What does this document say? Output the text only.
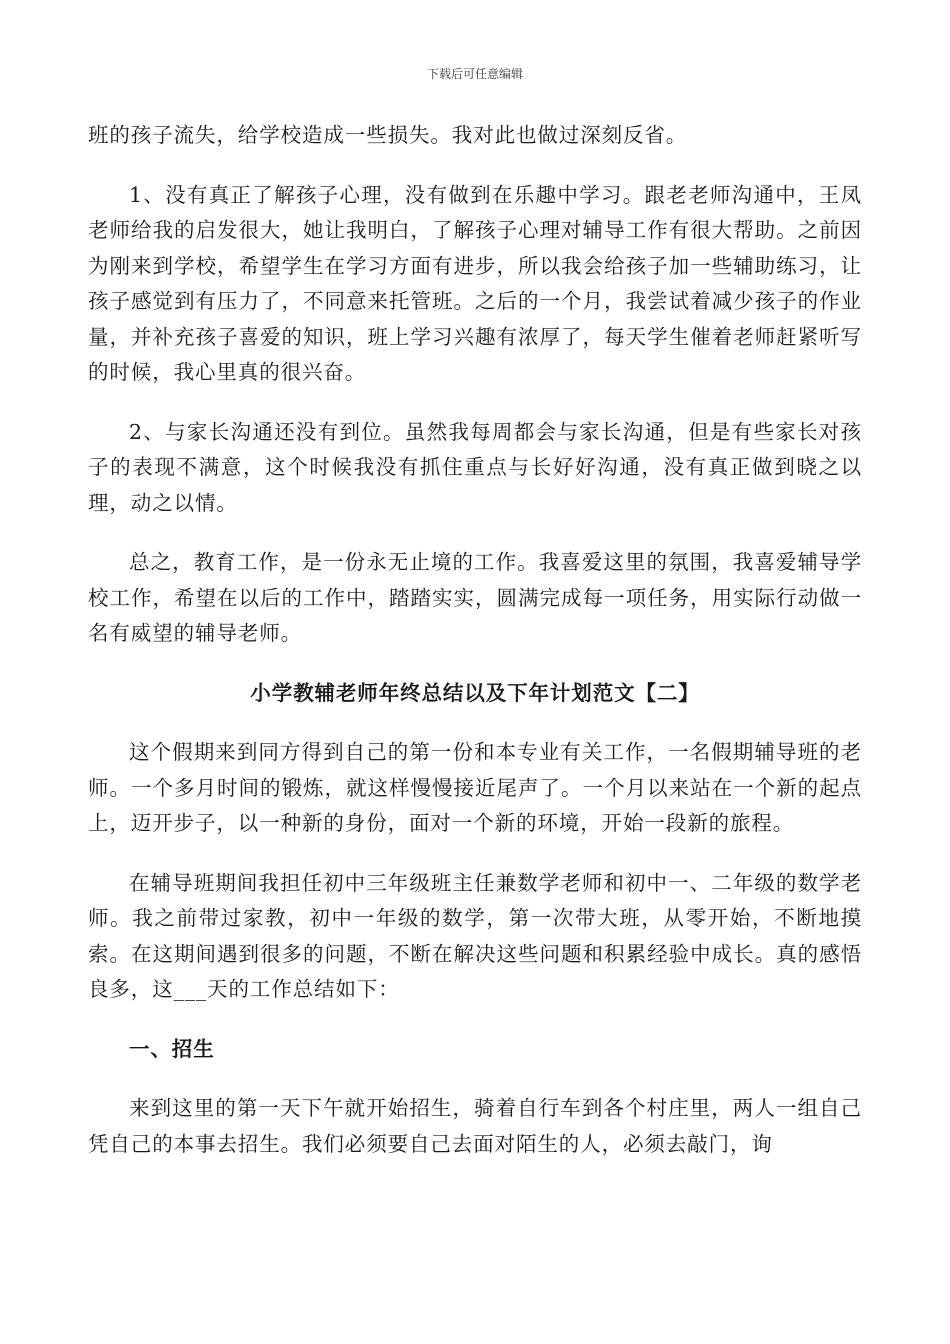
下载后可任意编辑

班的孩子流失，给学校造成一些损失。我对此也做过深刻反省。

1、没有真正了解孩子心理，没有做到在乐趣中学习。跟老老师沟通中，王凤老师给我的启发很大，她让我明白，了解孩子心理对辅导工作有很大帮助。之前因为刚来到学校，希望学生在学习方面有进步，所以我会给孩子加一些辅助练习，让孩子感觉到有压力了，不同意来托管班。之后的一个月，我尝试着减少孩子的作业量，并补充孩子喜爱的知识，班上学习兴趣有浓厚了，每天学生催着老师赶紧听写的时候，我心里真的很兴奋。

2、与家长沟通还没有到位。虽然我每周都会与家长沟通，但是有些家长对孩子的表现不满意，这个时候我没有抓住重点与长好好沟通，没有真正做到晓之以理，动之以情。

总之，教育工作，是一份永无止境的工作。我喜爱这里的氛围，我喜爱辅导学校工作，希望在以后的工作中，踏踏实实，圆满完成每一项任务，用实际行动做一名有威望的辅导老师。

小学教辅老师年终总结以及下年计划范文【二】

这个假期来到同方得到自己的第一份和本专业有关工作，一名假期辅导班的老师。一个多月时间的锻炼，就这样慢慢接近尾声了。一个月以来站在一个新的起点上，迈开步子，以一种新的身份，面对一个新的环境，开始一段新的旅程。

在辅导班期间我担任初中三年级班主任兼数学老师和初中一、二年级的数学老师。我之前带过家教，初中一年级的数学，第一次带大班，从零开始，不断地摸索。在这期间遇到很多的问题，不断在解决这些问题和积累经验中成长。真的感悟良多，这___天的工作总结如下：

一、招生

来到这里的第一天下午就开始招生，骑着自行车到各个村庄里，两人一组自己凭自己的本事去招生。我们必须要自己去面对陌生的人，必须去敲门，询
